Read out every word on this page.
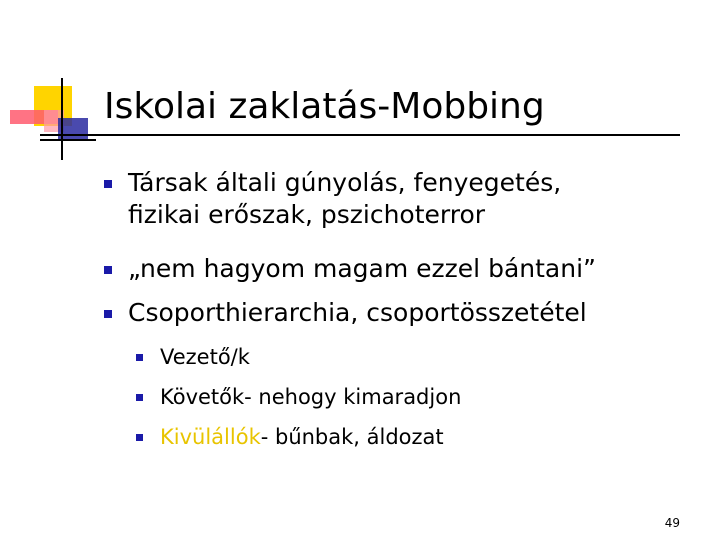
Iskolai zaklatás-Mobbing
Társak általi gúnyolás, fenyegetés,
fizikai erőszak, pszichoterror
„nem hagyom magam ezzel bántani”
Csoporthierarchia, csoportösszetétel
Vezető/k
Követők- nehogy kimaradjon
Kivülállók- bűnbak, áldozat
49
